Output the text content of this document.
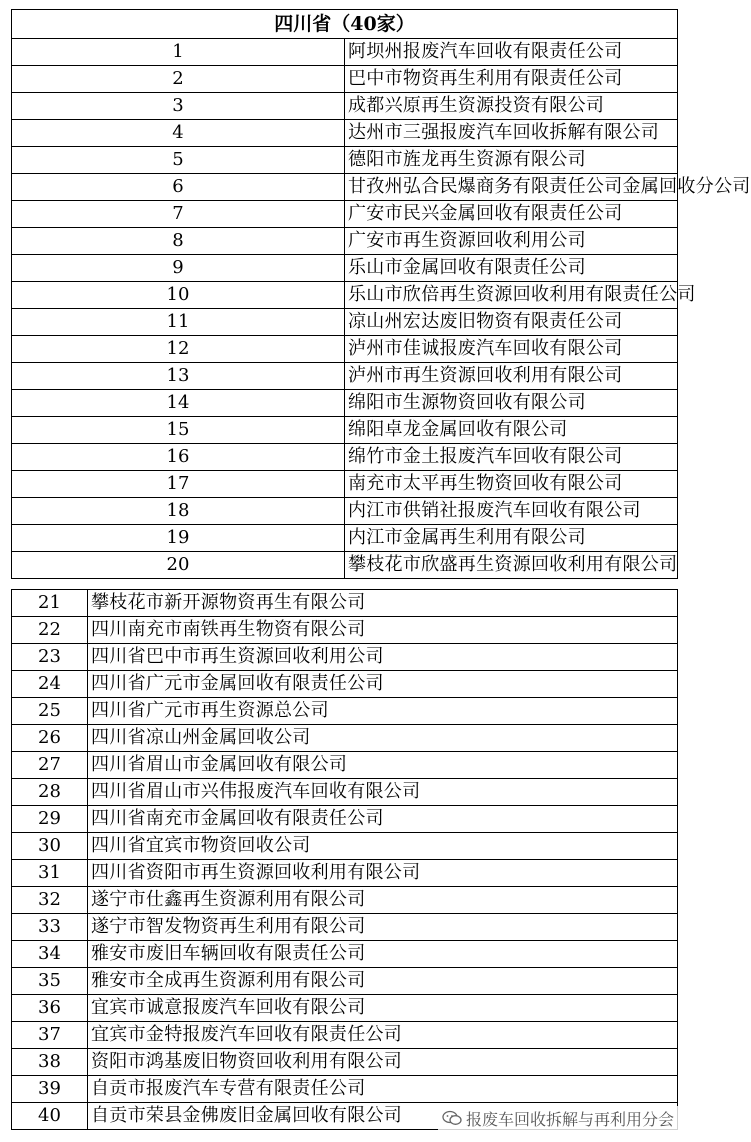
四川省（40家）	
1	阿坝州报废汽车回收有限责任公司
2	巴中市物资再生利用有限责任公司
3	成都兴原再生资源投资有限公司
4	达州市三强报废汽车回收拆解有限公司
5	德阳市旌龙再生资源有限公司
6	甘孜州弘合民爆商务有限责任公司金属回收分公司
7	广安市民兴金属回收有限责任公司
8	广安市再生资源回收利用公司
9	乐山市金属回收有限责任公司
10	乐山市欣倍再生资源回收利用有限责任公司
11	凉山州宏达废旧物资有限责任公司
12	泸州市佳诚报废汽车回收有限公司
13	泸州市再生资源回收利用有限公司
14	绵阳市生源物资回收有限公司
15	绵阳卓龙金属回收有限公司
16	绵竹市金土报废汽车回收有限公司
17	南充市太平再生物资回收有限公司
18	内江市供销社报废汽车回收有限公司
19	内江市金属再生利用有限公司
20	攀枝花市欣盛再生资源回收利用有限公司
21	攀枝花市新开源物资再生有限公司
22	四川南充市南铁再生物资有限公司
23	四川省巴中市再生资源回收利用公司
24	四川省广元市金属回收有限责任公司
25	四川省广元市再生资源总公司
26	四川省凉山州金属回收公司
27	四川省眉山市金属回收有限公司
28	四川省眉山市兴伟报废汽车回收有限公司
29	四川省南充市金属回收有限责任公司
30	四川省宜宾市物资回收公司
31	四川省资阳市再生资源回收利用有限公司
32	遂宁市仕鑫再生资源利用有限公司
33	遂宁市智发物资再生利用有限公司
34	雅安市废旧车辆回收有限责任公司
35	雅安市全成再生资源利用有限公司
36	宜宾市诚意报废汽车回收有限公司
37	宜宾市金特报废汽车回收有限责任公司
38	资阳市鸿基废旧物资回收利用有限公司
39	自贡市报废汽车专营有限责任公司
40	自贡市荣县金佛废旧金属回收有限公司	报废车回收拆解与再利用分会
